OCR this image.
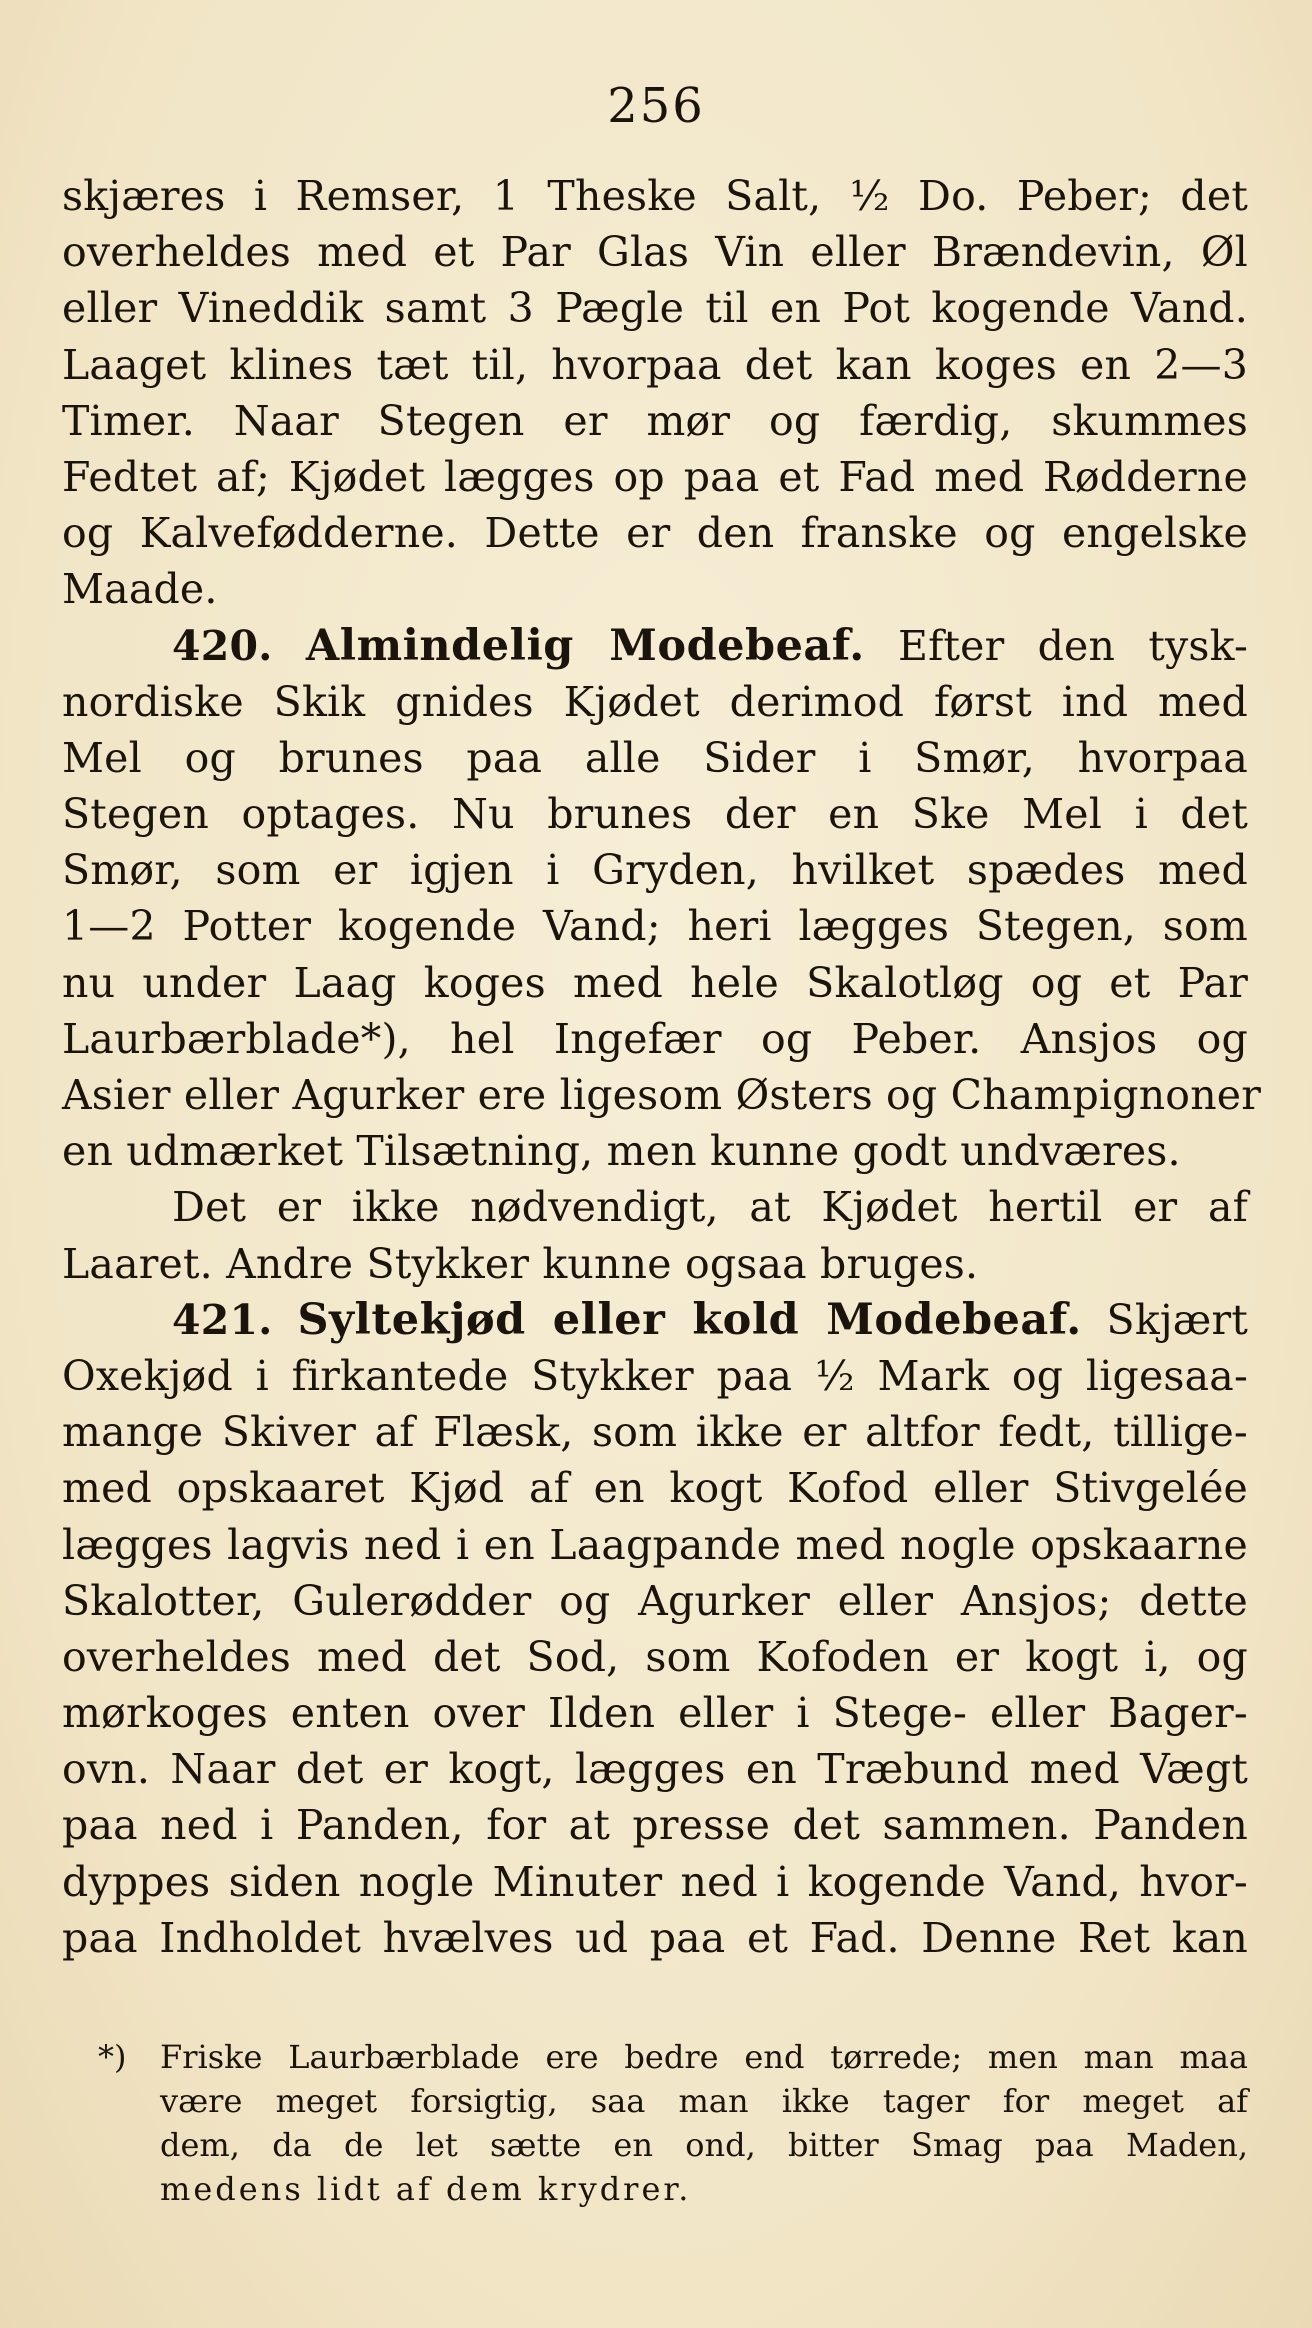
256
skjæres i Remser, 1 Theske Salt, ½ Do. Peber; det
overheldes med et Par Glas Vin eller Brændevin, Øl
eller Vineddik samt 3 Pægle til en Pot kogende Vand.
Laaget klines tæt til, hvorpaa det kan koges en 2—3
Timer. Naar Stegen er mør og færdig, skummes
Fedtet af; Kjødet lægges op paa et Fad med Rødderne
og Kalvefødderne. Dette er den franske og engelske
Maade.
420. Almindelig Modebeaf. Efter den tysk-
nordiske Skik gnides Kjødet derimod først ind med
Mel og brunes paa alle Sider i Smør, hvorpaa
Stegen optages. Nu brunes der en Ske Mel i det
Smør, som er igjen i Gryden, hvilket spædes med
1—2 Potter kogende Vand; heri lægges Stegen, som
nu under Laag koges med hele Skalotløg og et Par
Laurbærblade*), hel Ingefær og Peber. Ansjos og
Asier eller Agurker ere ligesom Østers og Champignoner
en udmærket Tilsætning, men kunne godt undværes.
Det er ikke nødvendigt, at Kjødet hertil er af
Laaret. Andre Stykker kunne ogsaa bruges.
421. Syltekjød eller kold Modebeaf. Skjært
Oxekjød i firkantede Stykker paa ½ Mark og ligesaa-
mange Skiver af Flæsk, som ikke er altfor fedt, tillige-
med opskaaret Kjød af en kogt Kofod eller Stivgelée
lægges lagvis ned i en Laagpande med nogle opskaarne
Skalotter, Gulerødder og Agurker eller Ansjos; dette
overheldes med det Sod, som Kofoden er kogt i, og
mørkoges enten over Ilden eller i Stege- eller Bager-
ovn. Naar det er kogt, lægges en Træbund med Vægt
paa ned i Panden, for at presse det sammen. Panden
dyppes siden nogle Minuter ned i kogende Vand, hvor-
paa Indholdet hvælves ud paa et Fad. Denne Ret kan
*) Friske Laurbærblade ere bedre end tørrede; men man maa
være meget forsigtig, saa man ikke tager for meget af
dem, da de let sætte en ond, bitter Smag paa Maden,
medens lidt af dem krydrer.
